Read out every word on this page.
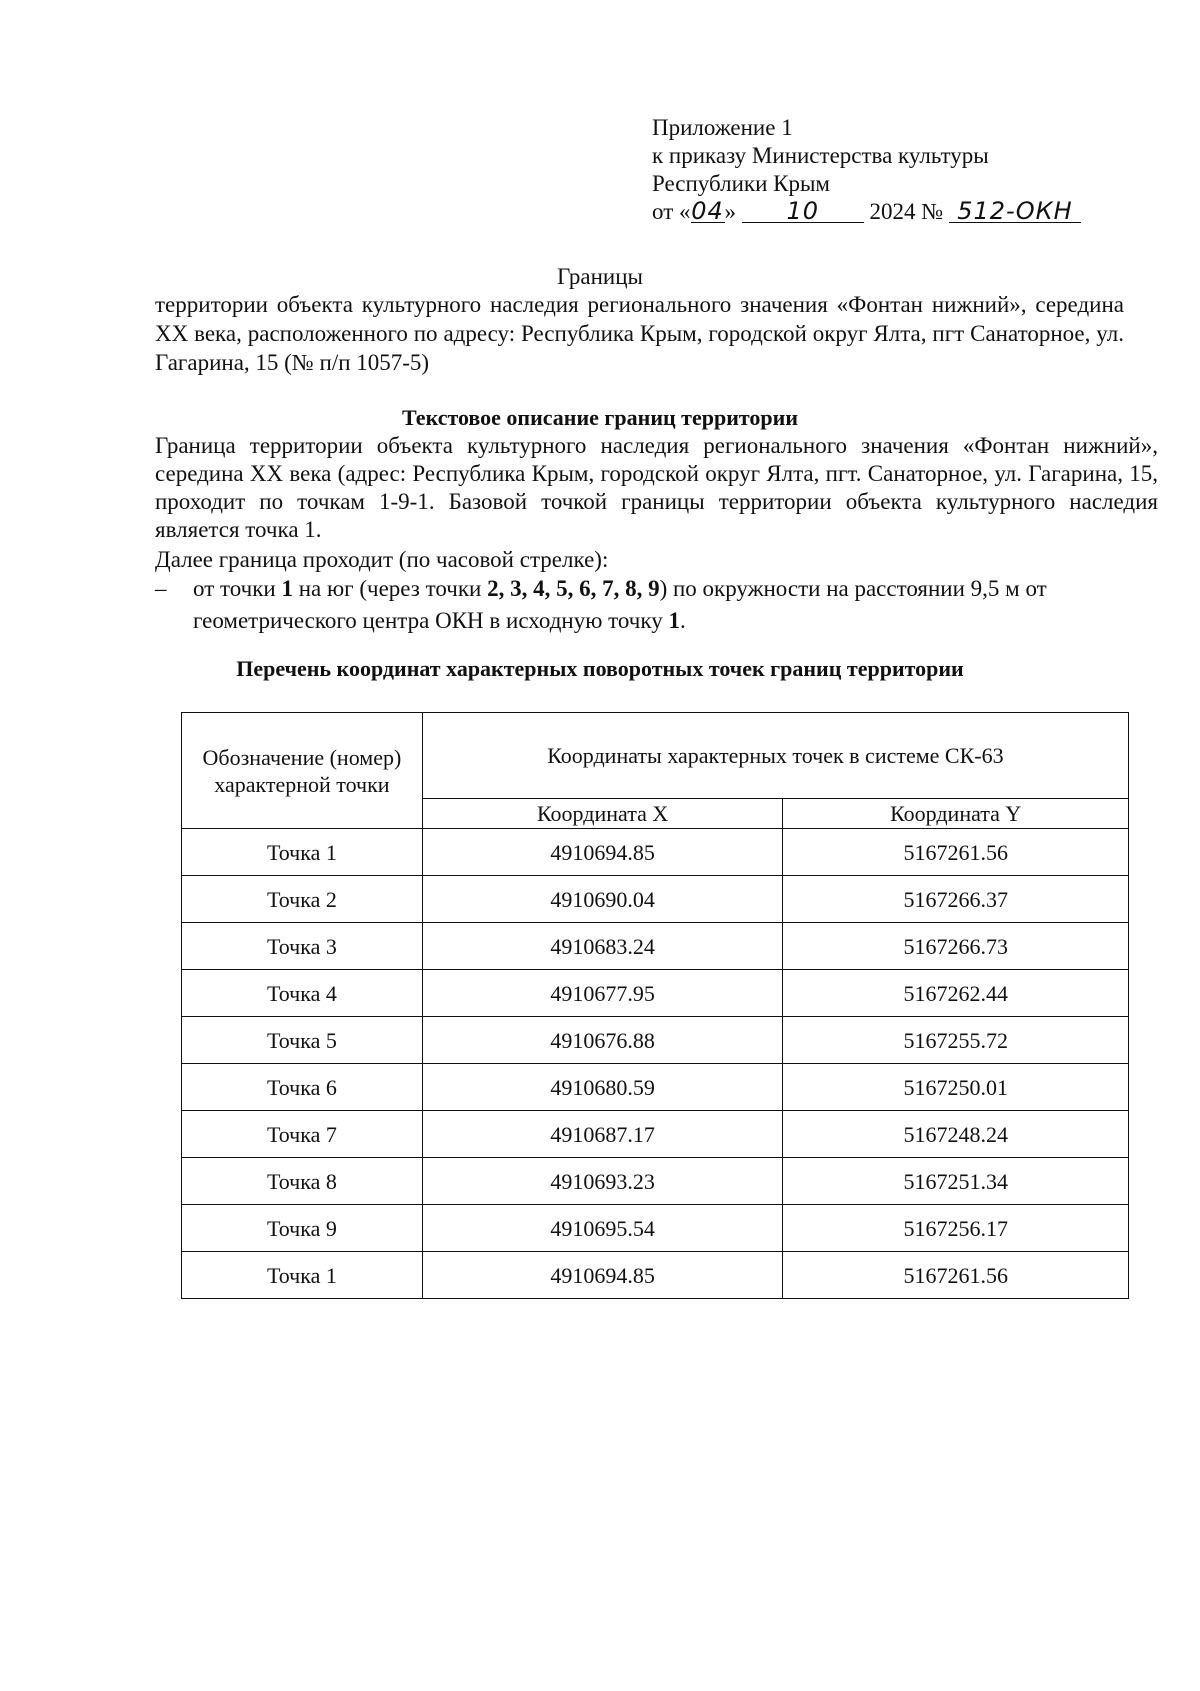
Приложение 1
к приказу Министерства культуры
Республики Крым
от «04» 10 2024 № 512-ОКН
Границы
территории объекта культурного наследия регионального значения «Фонтан нижний», середина XX века, расположенного по адресу: Республика Крым, городской округ Ялта, пгт Санаторное, ул. Гагарина, 15 (№ п/п 1057-5)
Текстовое описание границ территории
Граница территории объекта культурного наследия регионального значения «Фонтан нижний», середина XX века (адрес: Республика Крым, городской округ Ялта, пгт. Санаторное, ул. Гагарина, 15, проходит по точкам 1-9-1. Базовой точкой границы территории объекта культурного наследия является точка 1.
Далее граница проходит (по часовой стрелке):
– от точки 1 на юг (через точки 2, 3, 4, 5, 6, 7, 8, 9) по окружности на расстоянии 9,5 м от геометрического центра ОКН в исходную точку 1.
Перечень координат характерных поворотных точек границ территории
Обозначение (номер) характерной точки	Координаты характерных точек в системе СК-63	
	Координата X	Координата Y
Точка 1	4910694.85	5167261.56
Точка 2	4910690.04	5167266.37
Точка 3	4910683.24	5167266.73
Точка 4	4910677.95	5167262.44
Точка 5	4910676.88	5167255.72
Точка 6	4910680.59	5167250.01
Точка 7	4910687.17	5167248.24
Точка 8	4910693.23	5167251.34
Точка 9	4910695.54	5167256.17
Точка 1	4910694.85	5167261.56
